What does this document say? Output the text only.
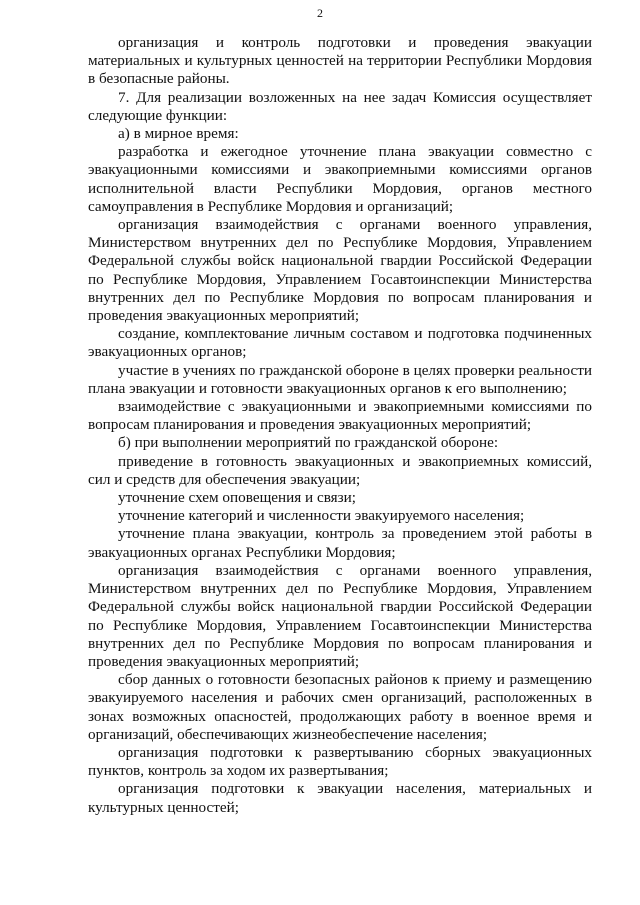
2

организация и контроль подготовки и проведения эвакуации материальных и культурных ценностей на территории Республики Мордовия в безопасные районы.

7. Для реализации возложенных на нее задач Комиссия осуществляет следующие функции:

а) в мирное время:

разработка и ежегодное уточнение плана эвакуации совместно с эвакуационными комиссиями и эвакоприемными комиссиями органов исполнительной власти Республики Мордовия, органов местного самоуправления в Республике Мордовия и организаций;

организация взаимодействия с органами военного управления, Министерством внутренних дел по Республике Мордовия, Управлением Федеральной службы войск национальной гвардии Российской Федерации по Республике Мордовия, Управлением Госавтоинспекции Министерства внутренних дел по Республике Мордовия по вопросам планирования и проведения эвакуационных мероприятий;

создание, комплектование личным составом и подготовка подчиненных эвакуационных органов;

участие в учениях по гражданской обороне в целях проверки реальности плана эвакуации и готовности эвакуационных органов к его выполнению;

взаимодействие с эвакуационными и эвакоприемными комиссиями по вопросам планирования и проведения эвакуационных мероприятий;

б) при выполнении мероприятий по гражданской обороне:

приведение в готовность эвакуационных и эвакоприемных комиссий, сил и средств для обеспечения эвакуации;

уточнение схем оповещения и связи;

уточнение категорий и численности эвакуируемого населения;

уточнение плана эвакуации, контроль за проведением этой работы в эвакуационных органах Республики Мордовия;

организация взаимодействия с органами военного управления, Министерством внутренних дел по Республике Мордовия, Управлением Федеральной службы войск национальной гвардии Российской Федерации по Республике Мордовия, Управлением Госавтоинспекции Министерства внутренних дел по Республике Мордовия по вопросам планирования и проведения эвакуационных мероприятий;

сбор данных о готовности безопасных районов к приему и размещению эвакуируемого населения и рабочих смен организаций, расположенных в зонах возможных опасностей, продолжающих работу в военное время и организаций, обеспечивающих жизнеобеспечение населения;

организация подготовки к развертыванию сборных эвакуационных пунктов, контроль за ходом их развертывания;

организация подготовки к эвакуации населения, материальных и культурных ценностей;
